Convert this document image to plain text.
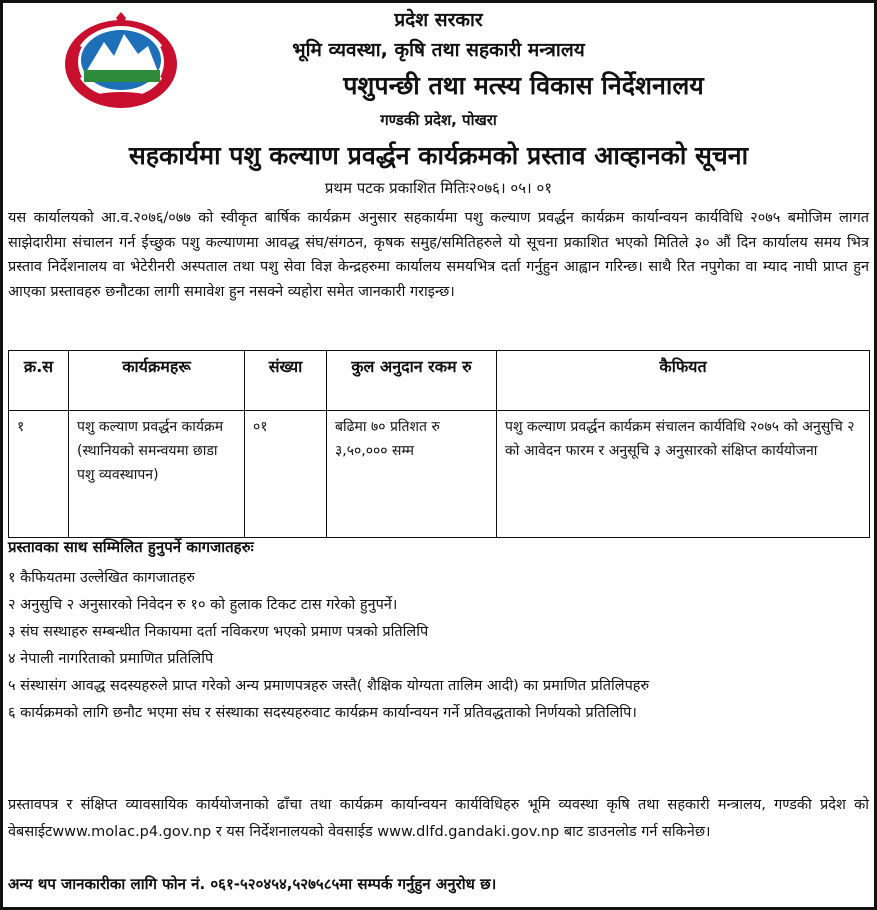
प्रदेश सरकार
भूमि व्यवस्था, कृषि तथा सहकारी मन्त्रालय
पशुपन्छी तथा मत्स्य विकास निर्देशनालय
गण्डकी प्रदेश, पोखरा
सहकार्यमा पशु कल्याण प्रवर्द्धन कार्यक्रमको प्रस्ताव आव्हानको सूचना
प्रथम पटक प्रकाशित मितिः२०७६। ०५। ०१

यस कार्यालयको आ.व.२०७६/०७७ को स्वीकृत बार्षिक कार्यक्रम अनुसार सहकार्यमा पशु कल्याण प्रवर्द्धन कार्यक्रम कार्यान्वयन कार्यविधि २०७५ बमोजिम लागत साझेदारीमा संचालन गर्न ईच्छुक पशु कल्याणमा आवद्ध संघ/संगठन, कृषक समुह/समितिहरुले यो सूचना प्रकाशित भएको मितिले ३० औं दिन कार्यालय समय भित्र प्रस्ताव निर्देशनालय वा भेटेरीनरी अस्पताल तथा पशु सेवा विज्ञ केन्द्रहरुमा कार्यालय समयभित्र दर्ता गर्नुहुन आह्वान गरिन्छ। साथै रित नपुगेका वा म्याद नाघी प्राप्त हुन आएका प्रस्तावहरु छनौटका लागी समावेश हुन नसक्ने व्यहोरा समेत जानकारी गराइन्छ।

क्र.स	कार्यक्रमहरू	संख्या	कुल अनुदान रकम रु	कैफियत
१	पशु कल्याण प्रवर्द्धन कार्यक्रम (स्थानियको समन्वयमा छाडा पशु व्यवस्थापन)	०१	बढिमा ७० प्रतिशत रु ३,५०,००० सम्म	पशु कल्याण प्रवर्द्धन कार्यक्रम संचालन कार्यविधि २०७५ को अनुसुचि २ को आवेदन फारम र अनुसूचि ३ अनुसारको संक्षिप्त कार्ययोजना
प्रस्तावका साथ सम्मिलित हुनुपर्ने कागजातहरुः
१ कैफियतमा उल्लेखित कागजातहरु
२ अनुसुचि २ अनुसारको निवेदन रु १० को हुलाक टिकट टास गरेको हुनुपर्ने।
३ संघ सस्थाहरु सम्बन्धीत निकायमा दर्ता नविकरण भएको प्रमाण पत्रको प्रतिलिपि
४ नेपाली नागरिताको प्रमाणित प्रतिलिपि
५ संस्थासंग आवद्ध सदस्यहरुले प्राप्त गरेको अन्य प्रमाणपत्रहरु जस्तै( शैक्षिक योग्यता तालिम आदी) का प्रमाणित प्रतिलिपहरु
६ कार्यक्रमको लागि छनौट भएमा संघ र संस्थाका सदस्यहरुवाट कार्यक्रम कार्यान्वयन गर्ने प्रतिवद्धताको निर्णयको प्रतिलिपि।

प्रस्तावपत्र र संक्षिप्त व्यावसायिक कार्ययोजनाको ढाँचा तथा कार्यक्रम कार्यान्वयन कार्यविधिहरु भूमि व्यवस्था कृषि तथा सहकारी मन्त्रालय, गण्डकी प्रदेश को वेबसाईटwww.molac.p4.gov.np र यस निर्देशनालयको वेवसाईड www.dlfd.gandaki.gov.np बाट डाउनलोड गर्न सकिनेछ।

अन्य थप जानकारीका लागि फोन नं. ०६१-५२०४५४,५२७५८५मा सम्पर्क गर्नुहुन अनुरोध छ।
